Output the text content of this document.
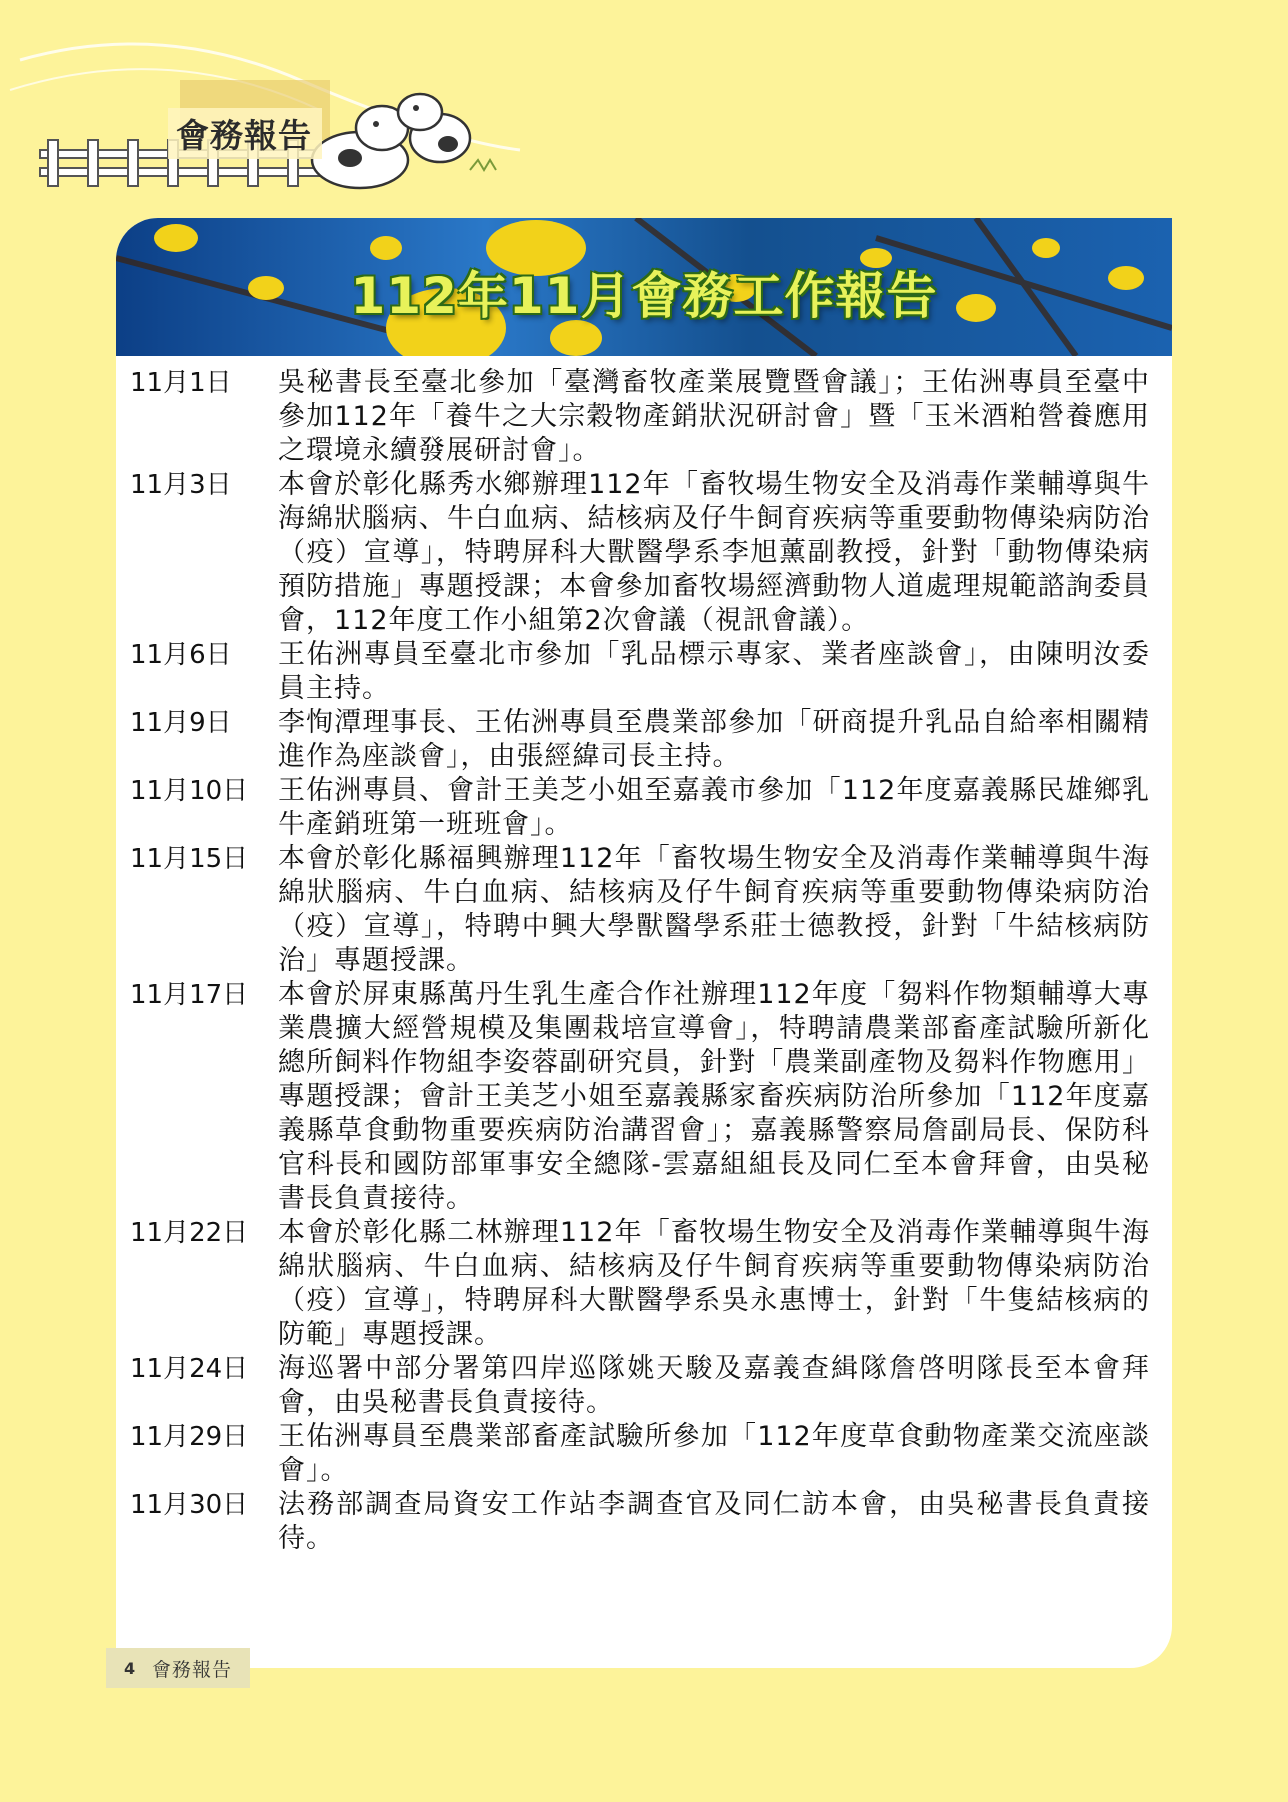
會務報告
112年11月會務工作報告
11月1日	吳秘書長至臺北參加「臺灣畜牧產業展覽暨會議」；王佑洲專員至臺中參加112年「養牛之大宗穀物產銷狀況研討會」暨「玉米酒粕營養應用之環境永續發展研討會」。
11月3日	本會於彰化縣秀水鄉辦理112年「畜牧場生物安全及消毒作業輔導與牛海綿狀腦病、牛白血病、結核病及仔牛飼育疾病等重要動物傳染病防治（疫）宣導」，特聘屏科大獸醫學系李旭薰副教授，針對「動物傳染病預防措施」專題授課；本會參加畜牧場經濟動物人道處理規範諮詢委員會，112年度工作小組第2次會議（視訊會議）。
11月6日	王佑洲專員至臺北市參加「乳品標示專家、業者座談會」，由陳明汝委員主持。
11月9日	李恂潭理事長、王佑洲專員至農業部參加「研商提升乳品自給率相關精進作為座談會」，由張經緯司長主持。
11月10日	王佑洲專員、會計王美芝小姐至嘉義市參加「112年度嘉義縣民雄鄉乳牛產銷班第一班班會」。
11月15日	本會於彰化縣福興辦理112年「畜牧場生物安全及消毒作業輔導與牛海綿狀腦病、牛白血病、結核病及仔牛飼育疾病等重要動物傳染病防治（疫）宣導」，特聘中興大學獸醫學系莊士德教授，針對「牛結核病防治」專題授課。
11月17日	本會於屏東縣萬丹生乳生產合作社辦理112年度「芻料作物類輔導大專業農擴大經營規模及集團栽培宣導會」，特聘請農業部畜產試驗所新化總所飼料作物組李姿蓉副研究員，針對「農業副產物及芻料作物應用」專題授課；會計王美芝小姐至嘉義縣家畜疾病防治所參加「112年度嘉義縣草食動物重要疾病防治講習會」；嘉義縣警察局詹副局長、保防科官科長和國防部軍事安全總隊-雲嘉組組長及同仁至本會拜會，由吳秘書長負責接待。
11月22日	本會於彰化縣二林辦理112年「畜牧場生物安全及消毒作業輔導與牛海綿狀腦病、牛白血病、結核病及仔牛飼育疾病等重要動物傳染病防治（疫）宣導」，特聘屏科大獸醫學系吳永惠博士，針對「牛隻結核病的防範」專題授課。
11月24日	海巡署中部分署第四岸巡隊姚天駿及嘉義查緝隊詹啓明隊長至本會拜會，由吳秘書長負責接待。
11月29日	王佑洲專員至農業部畜產試驗所參加「112年度草食動物產業交流座談會」。
11月30日	法務部調查局資安工作站李調查官及同仁訪本會，由吳秘書長負責接待。
4 會務報告
